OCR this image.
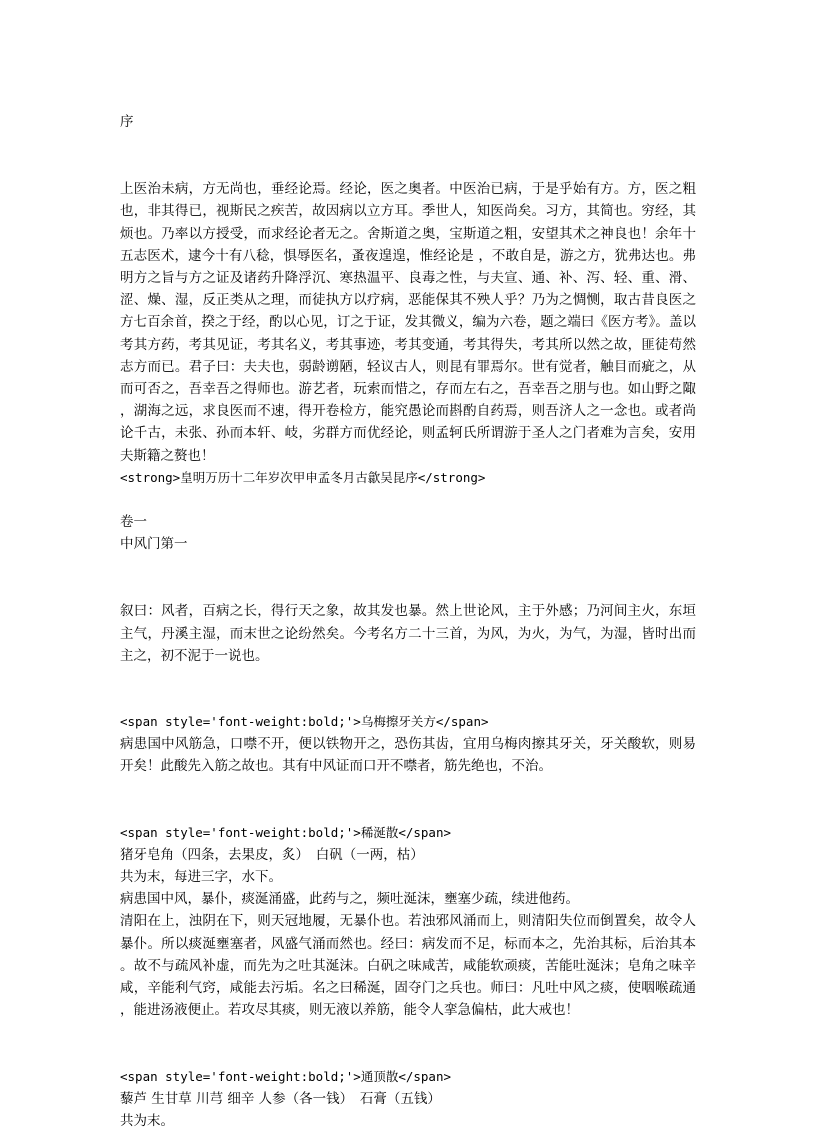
序

上医治未病，方无尚也，垂经论焉。经论，医之奥者。中医治已病，于是乎始有方。方，医之粗也，非其得已，视斯民之疾苦，故因病以立方耳。季世人，知医尚矣。习方，其简也。穷经，其烦也。乃率以方授受，而求经论者无之。舍斯道之奥，宝斯道之粗，安望其术之神良也！余年十五志医术，逮今十有八稔，惧辱医名，蚤夜遑遑，惟经论是 ，不敢自是，游之方，犹弗达也。弗明方之旨与方之证及诸药升降浮沉、寒热温平、良毒之性，与夫宣、通、补、泻、轻、重、滑、涩、燥、湿，反正类从之理，而徒执方以疗病，恶能保其不殃人乎？乃为之惆恻，取古昔良医之方七百余首，揆之于经，酌以心见，订之于证，发其微义，编为六卷，题之端曰《医方考》。盖以考其方药，考其见证，考其名义，考其事迹，考其变通，考其得失，考其所以然之故，匪徒苟然志方而已。君子曰：夫夫也，弱龄谫陋，轻议古人，则昆有罪焉尔。世有觉者，触目而疵之，从而可否之，吾幸吾之得师也。游艺者，玩索而惜之，存而左右之，吾幸吾之朋与也。如山野之陬，湖海之远，求良医而不速，得开卷检方，能究愚论而斟酌自药焉，则吾济人之一念也。或者尚论千古，未张、孙而本轩、岐，劣群方而优经论，则孟轲氏所谓游于圣人之门者难为言矣，安用夫斯籍之赘也！

<strong>皇明万历十二年岁次甲申孟冬月古歙吴昆序</strong>
卷一
中风门第一

叙曰：风者，百病之长，得行天之象，故其发也暴。然上世论风，主于外感；乃河间主火，东垣主气，丹溪主湿，而末世之论纷然矣。今考名方二十三首，为风，为火，为气，为湿，皆时出而主之，初不泥于一说也。

<span style='font-weight:bold;'>乌梅擦牙关方</span>

病患国中风筋急，口噤不开，便以铁物开之，恐伤其齿，宜用乌梅肉擦其牙关，牙关酸软，则易开矣！此酸先入筋之故也。其有中风证而口开不噤者，筋先绝也，不治。

<span style='font-weight:bold;'>稀涎散</span>
猪牙皂角（四条，去果皮，炙）　白矾（一两，枯）
共为末，每进三字，水下。

病患国中风，暴仆，痰涎涌盛，此药与之，频吐涎沫，壅塞少疏，续进他药。

清阳在上，浊阴在下，则天冠地履，无暴仆也。若浊邪风涌而上，则清阳失位而倒置矣，故令人暴仆。所以痰涎壅塞者，风盛气涌而然也。经曰：病发而不足，标而本之，先治其标，后治其本。故不与疏风补虚，而先为之吐其涎沫。白矾之味咸苦，咸能软顽痰，苦能吐涎沫；皂角之味辛咸，辛能利气窍，咸能去污垢。名之曰稀涎，固夺门之兵也。师曰：凡吐中风之痰，使咽喉疏通，能进汤液便止。若攻尽其痰，则无液以养筋，能令人挛急偏枯，此大戒也！

<span style='font-weight:bold;'>通顶散</span>
藜芦 生甘草 川芎 细辛 人参（各一钱）　石膏（五钱）
共为末。
